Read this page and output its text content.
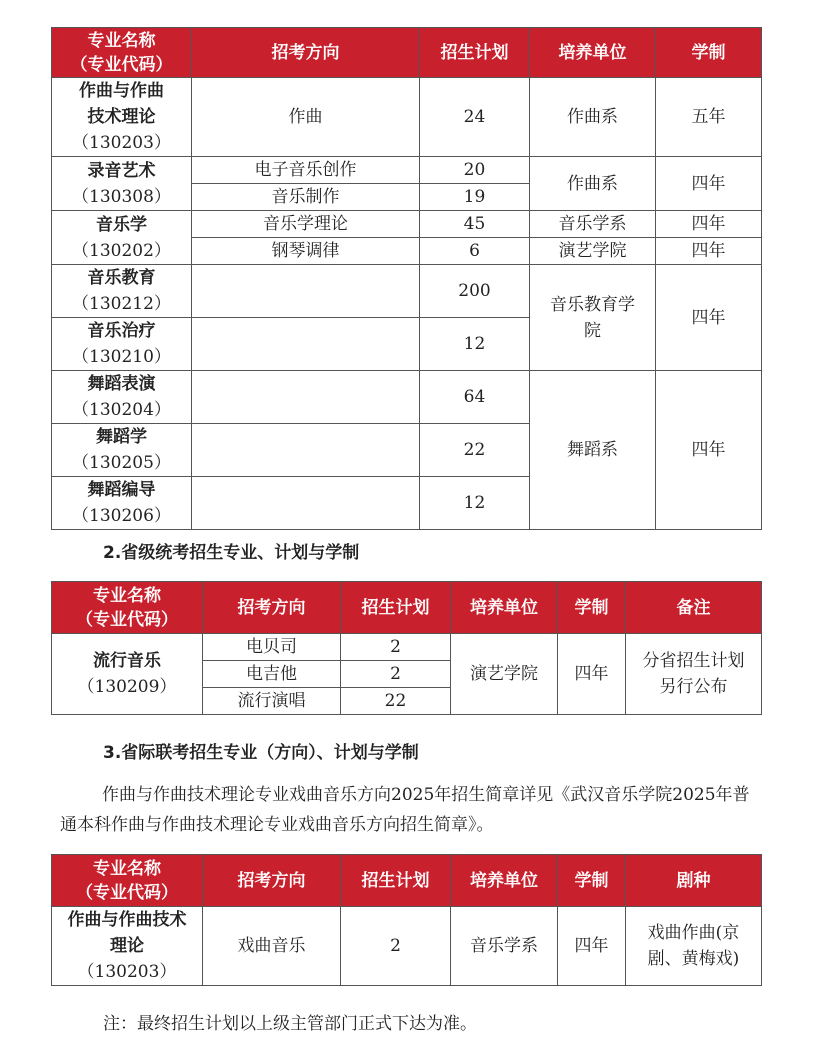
专业名称
（专业代码）	招考方向	招生计划	培养单位	学制

作曲与作曲
技术理论
（130203）	作曲	24	作曲系	五年

录音艺术
（130308）	电子音乐创作	20	作曲系	四年
	音乐制作	19		

音乐学
（130202）	音乐学理论	45	音乐学系	四年
	钢琴调律	6	演艺学院	四年

音乐教育
（130212）		200	音乐教育学院	四年

音乐治疗
（130210）		12		

舞蹈表演
（130204）		64	舞蹈系	四年

舞蹈学
（130205）		22		

舞蹈编导
（130206）		12		

2.省级统考招生专业、计划与学制

专业名称
（专业代码）	招考方向	招生计划	培养单位	学制	备注

流行音乐
（130209）	电贝司	2	演艺学院	四年	分省招生计划另行公布
	电吉他	2			
	流行演唱	22			

3.省际联考招生专业（方向）、计划与学制

作曲与作曲技术理论专业戏曲音乐方向2025年招生简章详见《武汉音乐学院2025年普通本科作曲与作曲技术理论专业戏曲音乐方向招生简章》。

专业名称
（专业代码）	招考方向	招生计划	培养单位	学制	剧种

作曲与作曲技术理论
（130203）	戏曲音乐	2	音乐学系	四年	戏曲作曲(京剧、黄梅戏)

注：最终招生计划以上级主管部门正式下达为准。
